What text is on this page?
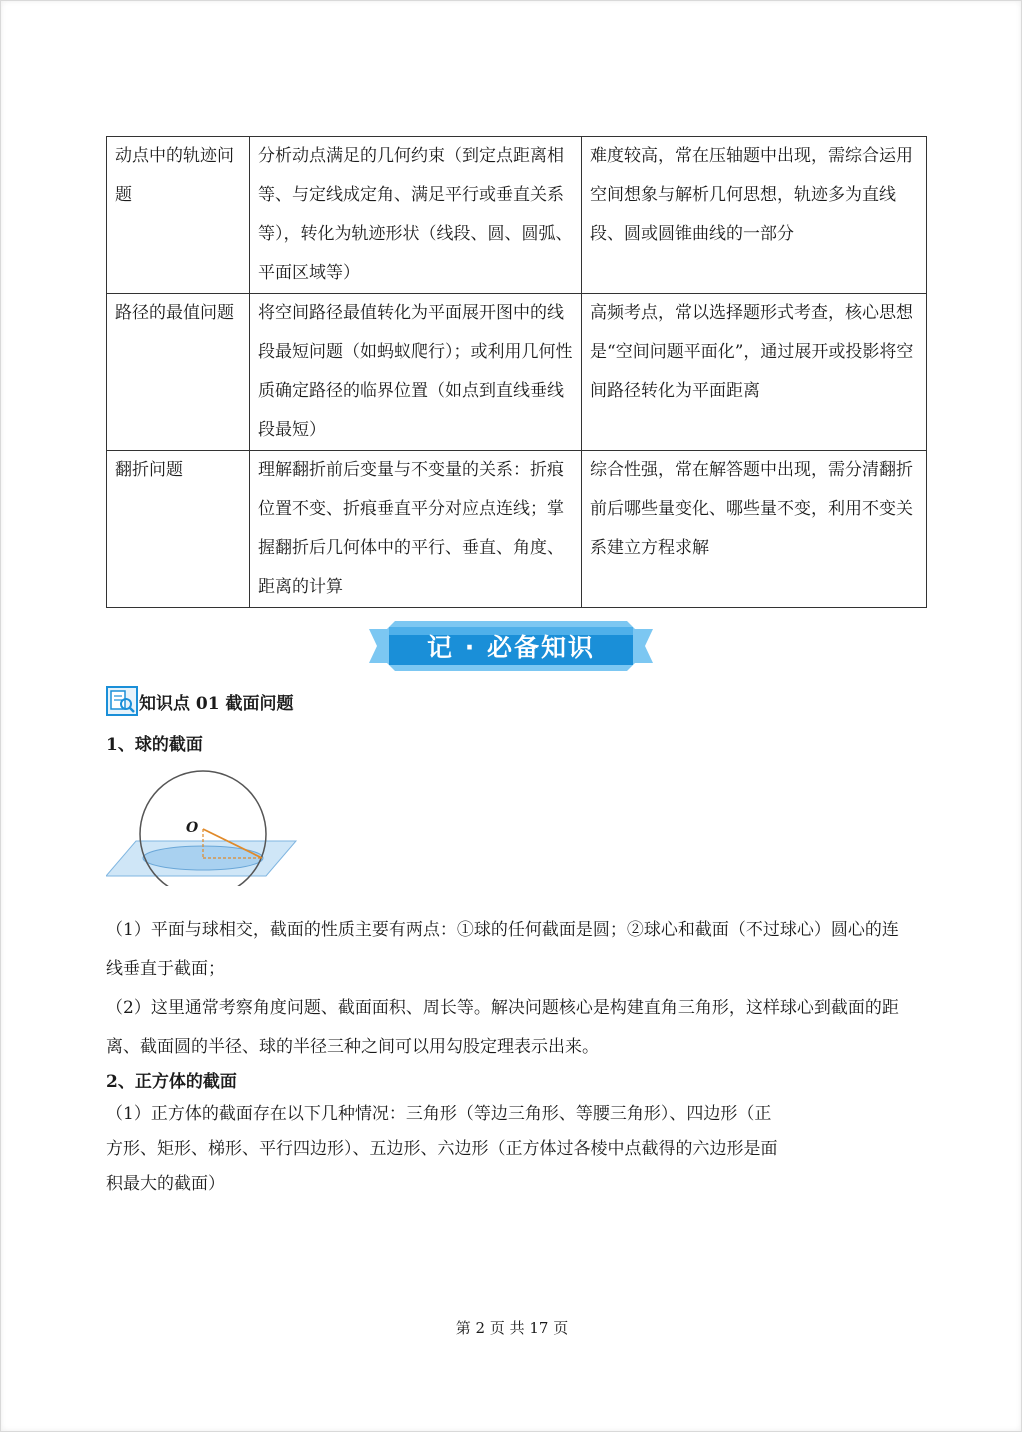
动点中的轨迹问题	分析动点满足的几何约束（到定点距离相等、与定线成定角、满足平行或垂直关系等），转化为轨迹形状（线段、圆、圆弧、平面区域等）	难度较高，常在压轴题中出现，需综合运用空间想象与解析几何思想，轨迹多为直线段、圆或圆锥曲线的一部分
路径的最值问题	将空间路径最值转化为平面展开图中的线段最短问题（如蚂蚁爬行）；或利用几何性质确定路径的临界位置（如点到直线垂线段最短）	高频考点，常以选择题形式考查，核心思想是“空间问题平面化”，通过展开或投影将空间路径转化为平面距离
翻折问题	理解翻折前后变量与不变量的关系：折痕位置不变、折痕垂直平分对应点连线；掌握翻折后几何体中的平行、垂直、角度、距离的计算	综合性强，常在解答题中出现，需分清翻折前后哪些量变化、哪些量不变，利用不变关系建立方程求解
记 · 必备知识
知识点 01 截面问题
1、球的截面
O

（1）平面与球相交，截面的性质主要有两点：①球的任何截面是圆；②球心和截面（不过球心）圆心的连

线垂直于截面；

（2）这里通常考察角度问题、截面面积、周长等。解决问题核心是构建直角三角形，这样球心到截面的距

离、截面圆的半径、球的半径三种之间可以用勾股定理表示出来。

2、正方体的截面

（1）正方体的截面存在以下几种情况：三角形（等边三角形、等腰三角形）、四边形（正

方形、矩形、梯形、平行四边形）、五边形、六边形（正方体过各棱中点截得的六边形是面

积最大的截面）

第 2 页 共 17 页
